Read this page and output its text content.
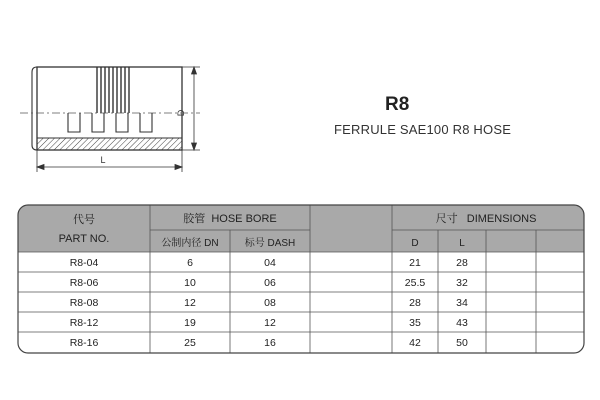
D
L
R8
FERRULE SAE100 R8 HOSE
代号
PART NO.
胶管  HOSE BORE
公制内径 DN	标号 DASH
尺寸   DIMENSIONS
D	L
R8-04	6	04	21	28
R8-06	10	06	25.5	32
R8-08	12	08	28	34
R8-12	19	12	35	43
R8-16	25	16	42	50
